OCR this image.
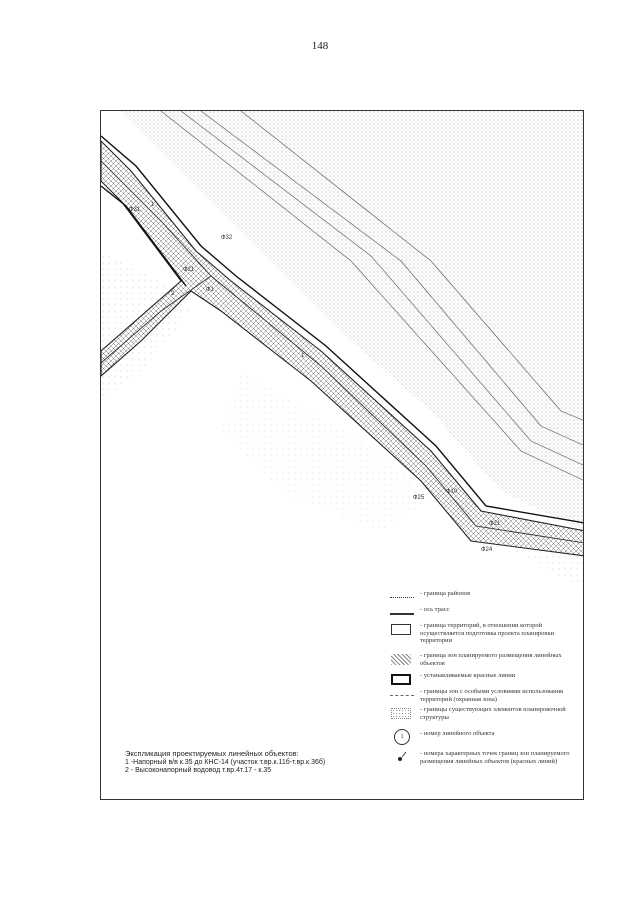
148
Ф31
Ф32
Ф21
Ф1
Ф25
Ф10
Ф21
Ф24
1
2
1
- граница районов
- ось трасс
- граница территорий, в отношении которой осуществляется подготовка проекта планировки территории
- граница зон планируемого размещения линейных объектов
- устанавливаемые красные линии
- границы зон с особыми условиями использования территорий (охранная зона)
- границы существующих элементов планировочной структуры
1	- номер линейного объекта
- номера характерных точек границ зон планируемого размещения линейных объектов (красных линий)
Экспликация проектируемых линейных объектов:
1 -Напорный в/в к.35 до КНС-14 (участок т.вр.к.11б-т.вр.к.36б)
2 - Высоконапорный водовод т.вр.4т.17 - к.35
